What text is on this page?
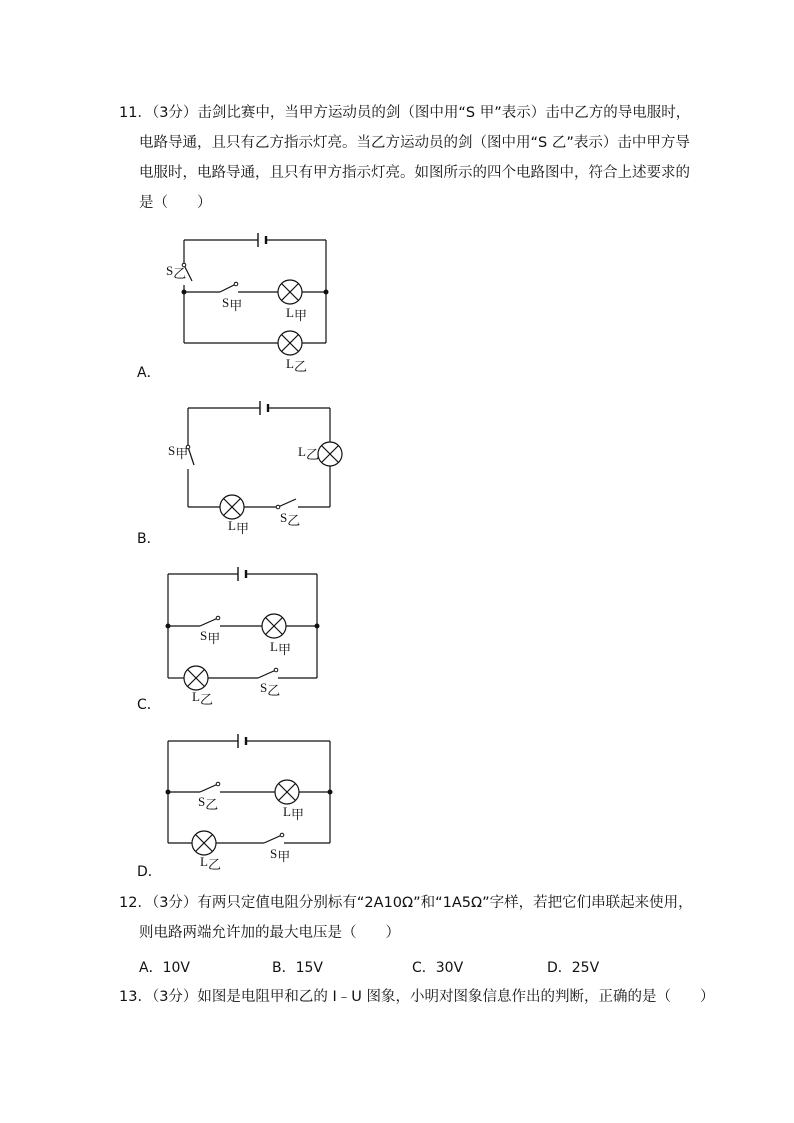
11．（3分）击剑比赛中，当甲方运动员的剑（图中用“S 甲”表示）击中乙方的导电服时，

电路导通，且只有乙方指示灯亮。当乙方运动员的剑（图中用“S 乙”表示）击中甲方导

电服时，电路导通，且只有甲方指示灯亮。如图所示的四个电路图中，符合上述要求的

是（　　）

S乙
S甲	L甲
L乙
A．
S甲	L乙
L甲
S乙
B．
S甲
L甲
L乙
S乙
C．
S乙	L甲
L乙
S甲
D．

12．（3分）有两只定值电阻分别标有“2A10Ω”和“1A5Ω”字样，若把它们串联起来使用，

则电路两端允许加的最大电压是（　　）

A．10V	B．15V	C．30V	D．25V

13．（3分）如图是电阻甲和乙的 I﹣U 图象，小明对图象信息作出的判断，正确的是（　　）
